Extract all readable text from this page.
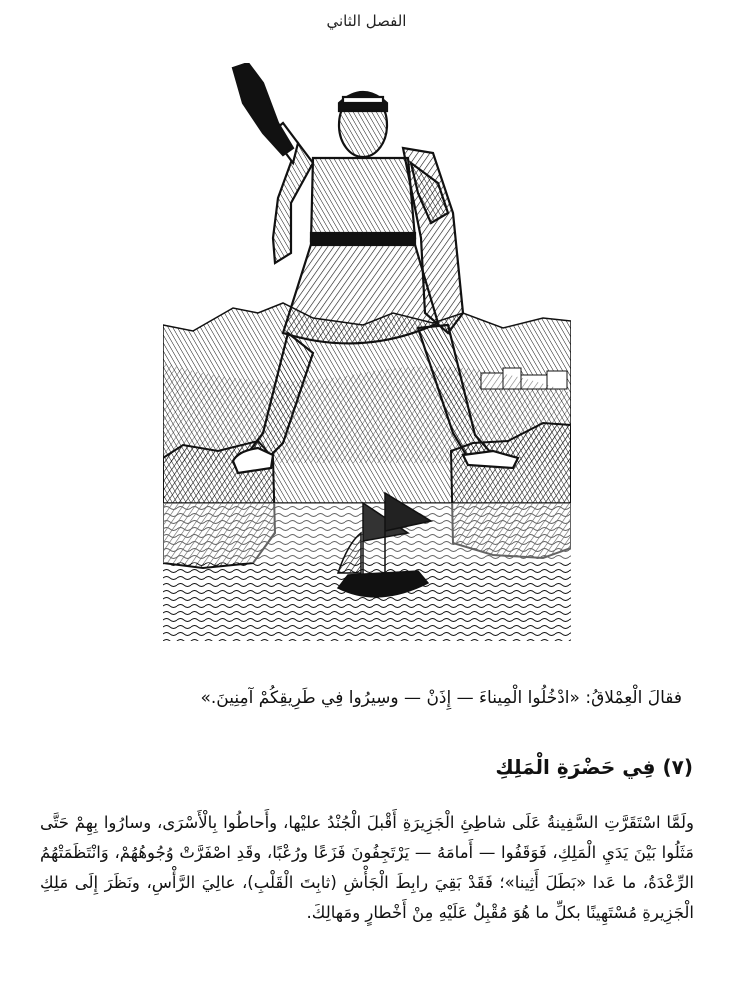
الفصل الثاني
فقالَ الْعِمْلاقُ: «ادْخُلُوا الْمِيناءَ — إِذَنْ — وسِيرُوا فِي طَرِيقِكُمْ آمِنِينَ.»
(٧) فِي حَضْرَةِ الْمَلِكِ
ولَمَّا اسْتَقَرَّتِ السَّفِينةُ عَلَى شاطِئِ الْجَزِيرَةِ أَقْبلَ الْجُنْدُ عليْها، وأَحاطُوا بِالْأَسْرَى، وسارُوا بِهِمْ حَتَّى مَثَلُوا بَيْنَ يَدَيِ الْمَلِكِ، فَوَقَفُوا — أَمامَهُ — يَرْتَجِفُونَ فَزَعًا ورُعْبًا، وقَدِ اصْفَرَّتْ وُجُوهُهُمْ، وَانْتَظَمَتْهُمُ الرِّعْدَةُ، ما عَدا «بَطَلَ أَثِينا»؛ فَقَدْ بَقِيَ رابِطَ الْجَأْشِ (ثابِتَ الْقَلْبِ)، عالِيَ الرَّأْسِ، ونَظَرَ إِلَى مَلِكِ الْجَزِيرةِ مُسْتَهِينًا بكلِّ ما هُوَ مُقْبِلٌ عَلَيْهِ مِنْ أَخْطارٍ ومَهالِكَ.
